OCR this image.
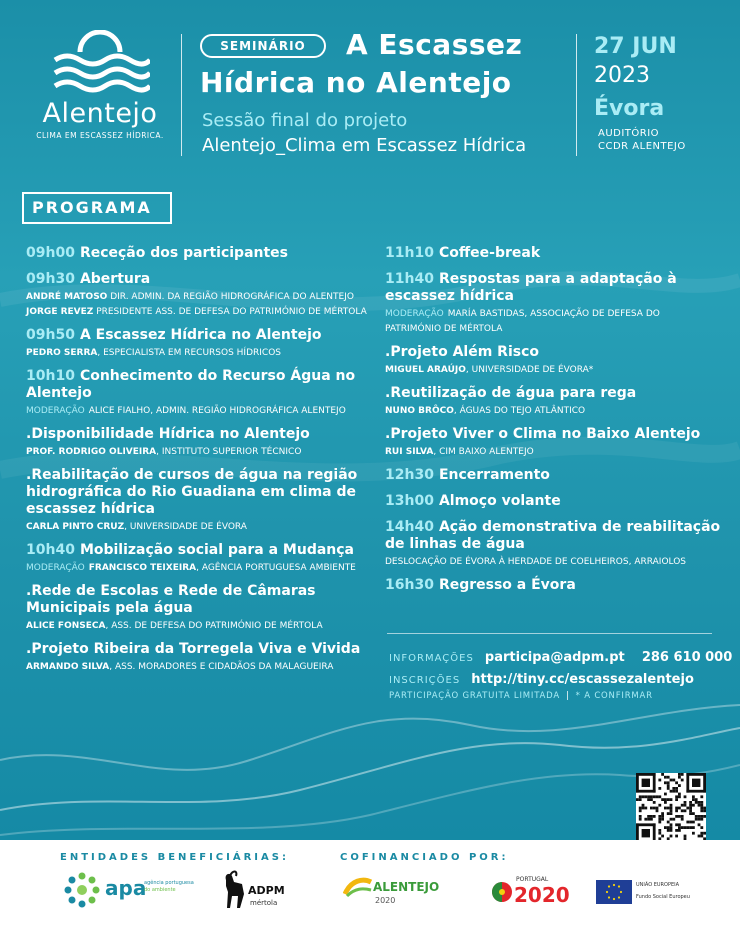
Alentejo
CLIMA EM ESCASSEZ HÍDRICA.
SEMINÁRIO	A Escassez
Hídrica no Alentejo
Sessão final do projeto
Alentejo_Clima em Escassez Hídrica
27 JUN
2023
Évora
AUDITÓRIO
CCDR ALENTEJO
PROGRAMA
09h00 Receção dos participantes
09h30 Abertura
ANDRÉ MATOSO DIR. ADMIN. DA REGIÃO HIDROGRÁFICA DO ALENTEJO
JORGE REVEZ PRESIDENTE ASS. DE DEFESA DO PATRIMÓNIO DE MÉRTOLA
09h50 A Escassez Hídrica no Alentejo
PEDRO SERRA, ESPECIALISTA EM RECURSOS HÍDRICOS
10h10 Conhecimento do Recurso Água no Alentejo
MODERAÇÃO ALICE FIALHO, ADMIN. REGIÃO HIDROGRÁFICA ALENTEJO
.Disponibilidade Hídrica no Alentejo
PROF. RODRIGO OLIVEIRA, INSTITUTO SUPERIOR TÉCNICO
.Reabilitação de cursos de água na região hidrográfica do Rio Guadiana em clima de escassez hídrica
CARLA PINTO CRUZ, UNIVERSIDADE DE ÉVORA
10h40 Mobilização social para a Mudança
MODERAÇÃO FRANCISCO TEIXEIRA, AGÊNCIA PORTUGUESA AMBIENTE
.Rede de Escolas e Rede de Câmaras Municipais pela água
ALICE FONSECA, ASS. DE DEFESA DO PATRIMÓNIO DE MÉRTOLA
.Projeto Ribeira da Torregela Viva e Vivida
ARMANDO SILVA, ASS. MORADORES E CIDADÃOS DA MALAGUEIRA
11h10 Coffee-break
11h40 Respostas para a adaptação à escassez hídrica
MODERAÇÃO MARÍA BASTIDAS, ASSOCIAÇÃO DE DEFESA DO
PATRIMÓNIO DE MÉRTOLA
.Projeto Além Risco
MIGUEL ARAÚJO, UNIVERSIDADE DE ÉVORA*
.Reutilização de água para rega
NUNO BRÔCO, ÁGUAS DO TEJO ATLÂNTICO
.Projeto Viver o Clima no Baixo Alentejo
RUI SILVA, CIM BAIXO ALENTEJO
12h30 Encerramento
13h00 Almoço volante
14h40 Ação demonstrativa de reabilitação de linhas de água
DESLOCAÇÃO DE ÉVORA À HERDADE DE COELHEIROS, ARRAIOLOS
16h30 Regresso a Évora
INFORMAÇÕES participa@adpm.pt 286 610 000
INSCRIÇÕES http://tiny.cc/escassezalentejo
PARTICIPAÇÃO GRATUITA LIMITADA | * A CONFIRMAR
ENTIDADES BENEFICIÁRIAS:	COFINANCIADO POR:
apa
agência portuguesa
do ambiente	ADPM
mértola
ALENTEJO
2020
PORTUGAL
2020	UNIÃO EUROPEIA
Fundo Social Europeu
